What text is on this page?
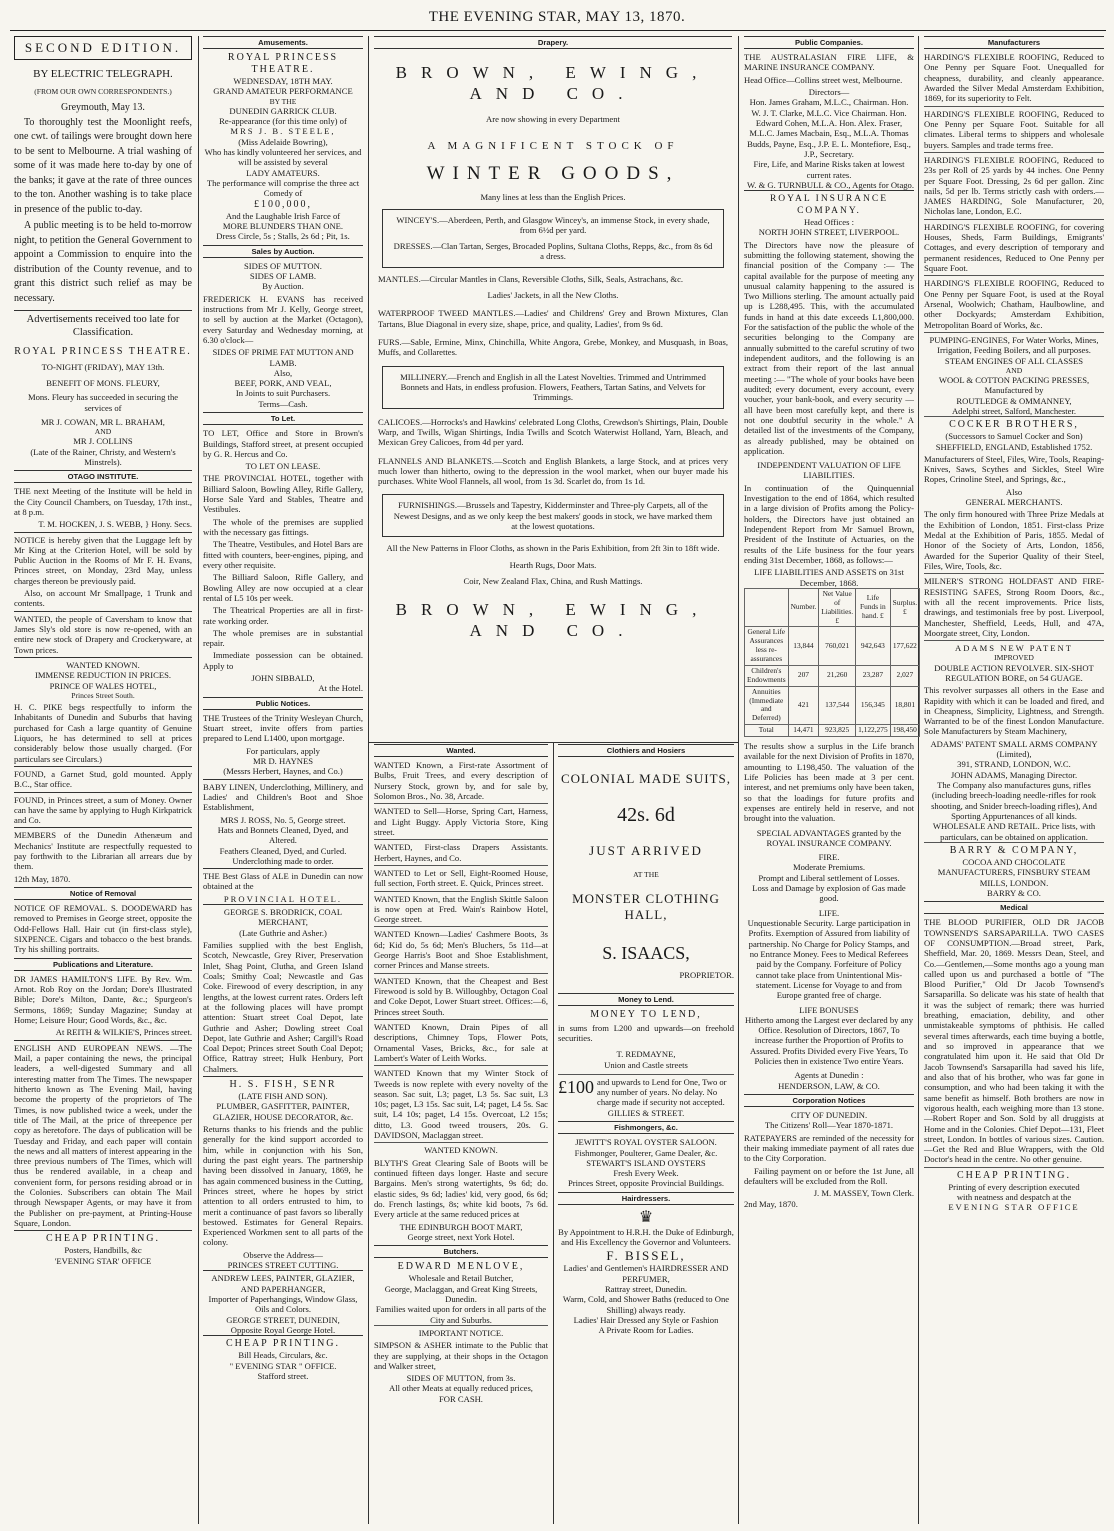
THE EVENING STAR, MAY 13, 1870.
SECOND EDITION.
BY ELECTRIC TELEGRAPH.
(FROM OUR OWN CORRESPONDENTS.)
Greymouth, May 13.
To thoroughly test the Moonlight reefs, one cwt. of tailings were brought down here to be sent to Melbourne. A trial washing of some of it was made here to-day by one of the banks; it gave at the rate of three ounces to the ton. Another washing is to take place in presence of the public to-day.
A public meeting is to be held to-morrow night, to petition the General Government to appoint a Commission to enquire into the distribution of the County revenue, and to grant this district such relief as may be necessary.
Advertisements received too late for Classification.
ROYAL PRINCESS THEATRE.
TO-NIGHT (FRIDAY), MAY 13th.
BENEFIT OF MONS. FLEURY,
Mons. Fleury has succeeded in securing the services of
MR J. COWAN, MR L. BRAHAM,
AND
MR J. COLLINS
(Late of the Rainer, Christy, and Western's Minstrels).
OTAGO INSTITUTE.
THE next Meeting of the Institute will be held in the City Council Chambers, on Tuesday, 17th inst., at 8 p.m.
T. M. HOCKEN, J. S. WEBB, } Hony. Secs.
NOTICE is hereby given that the Luggage left by Mr King at the Criterion Hotel, will be sold by Public Auction in the Rooms of Mr F. H. Evans, Princes street, on Monday, 23rd May, unless charges thereon be previously paid.
Also, on account Mr Smallpage, 1 Trunk and contents.
WANTED, the people of Caversham to know that James Sly's old store is now re-opened, with an entire new stock of Drapery and Crockeryware, at Town prices.
WANTED KNOWN.
IMMENSE REDUCTION IN PRICES.
PRINCE OF WALES HOTEL,
Princes Street South.
H. C. PIKE begs respectfully to inform the Inhabitants of Dunedin and Suburbs that having purchased for Cash a large quantity of Genuine Liquors, he has determined to sell at prices considerably below those usually charged. (For particulars see Circulars.)
FOUND, a Garnet Stud, gold mounted. Apply B.C., Star office.
FOUND, in Princes street, a sum of Money. Owner can have the same by applying to Hugh Kirkpatrick and Co.
MEMBERS of the Dunedin Athenæum and Mechanics' Institute are respectfully requested to pay forthwith to the Librarian all arrears due by them.
12th May, 1870.
Notice of Removal
NOTICE OF REMOVAL. S. DOODEWARD has removed to Premises in George street, opposite the Odd-Fellows Hall. Hair cut (in first-class style), SIXPENCE. Cigars and tobacco o the best brands. Try his shilling portraits.
Publications and Literature.
DR JAMES HAMILTON'S LIFE. By Rev. Wm. Arnot. Rob Roy on the Jordan; Dore's Illustrated Bible; Dore's Milton, Dante, &c.; Spurgeon's Sermons, 1869; Sunday Magazine; Sunday at Home; Leisure Hour; Good Words, &c., &c.
At REITH & WILKIE'S, Princes street.
ENGLISH AND EUROPEAN NEWS. —The Mail, a paper containing the news, the principal leaders, a well-digested Summary and all interesting matter from The Times. The newspaper hitherto known as The Evening Mail, having become the property of the proprietors of The Times, is now published twice a week, under the title of The Mail, at the price of threepence per copy as heretofore. The days of publication will be Tuesday and Friday, and each paper will contain the news and all matters of interest appearing in the three previous numbers of The Times, which will thus be rendered available, in a cheap and convenient form, for persons residing abroad or in the Colonies. Subscribers can obtain The Mail through Newspaper Agents, or may have it from the Publisher on pre-payment, at Printing-House Square, London.
CHEAP PRINTING.
Posters, Handbills, &c
'EVENING STAR' OFFICE
Amusements.
ROYAL PRINCESS THEATRE.
WEDNESDAY, 18TH MAY.
GRAND AMATEUR PERFORMANCE
BY THE
DUNEDIN GARRICK CLUB.
Re-appearance (for this time only) of
MRS J. B. STEELE,
(Miss Adelaide Bowring),
Who has kindly volunteered her services, and will be assisted by several
LADY AMATEURS.
The performance will comprise the three act Comedy of
£100,000,
And the Laughable Irish Farce of
MORE BLUNDERS THAN ONE.
Dress Circle, 5s ; Stalls, 2s 6d ; Pit, 1s.
Sales by Auction.
SIDES OF MUTTON.
SIDES OF LAMB.
By Auction.
FREDERICK H. EVANS has received instructions from Mr J. Kelly, George street, to sell by auction at the Market (Octagon), every Saturday and Wednesday morning, at 6.30 o'clock—
SIDES OF PRIME FAT MUTTON AND LAMB.
Also,
BEEF, PORK, AND VEAL,
In Joints to suit Purchasers.
Terms—Cash.
To Let.
TO LET, Office and Store in Brown's Buildings, Stafford street, at present occupied by G. R. Hercus and Co.
TO LET ON LEASE.
THE PROVINCIAL HOTEL, together with Billiard Saloon, Bowling Alley, Rifle Gallery, Horse Sale Yard and Stables, Theatre and Vestibules.
The whole of the premises are supplied with the necessary gas fittings.
The Theatre, Vestibules, and Hotel Bars are fitted with counters, beer-engines, piping, and every other requisite.
The Billiard Saloon, Rifle Gallery, and Bowling Alley are now occupied at a clear rental of L5 10s per week.
The Theatrical Properties are all in first-rate working order.
The whole premises are in substantial repair.
Immediate possession can be obtained. Apply to
JOHN SIBBALD,
At the Hotel.
Public Notices.
THE Trustees of the Trinity Wesleyan Church, Stuart street, invite offers from parties prepared to Lend L1400, upon mortgage.
For particulars, apply
MR D. HAYNES
(Messrs Herbert, Haynes, and Co.)
BABY LINEN, Underclothing, Millinery, and Ladies' and Children's Boot and Shoe Establishment,
MRS J. ROSS, No. 5, George street.
Hats and Bonnets Cleaned, Dyed, and Altered.
Feathers Cleaned, Dyed, and Curled. Underclothing made to order.
THE Best Glass of ALE in Dunedin can now obtained at the
PROVINCIAL HOTEL.
GEORGE S. BRODRICK, COAL MERCHANT,
(Late Guthrie and Asher.)
Families supplied with the best English, Scotch, Newcastle, Grey River, Preservation Inlet, Shag Point, Clutha, and Green Island Coals; Smithy Coal; Newcastle and Gas Coke. Firewood of every description, in any lengths, at the lowest current rates. Orders left at the following places will have prompt attention: Stuart street Coal Depot, late Guthrie and Asher; Dowling street Coal Depot, late Guthrie and Asher; Cargill's Road Coal Depot; Princes street South Coal Depot; Office, Rattray street; Hulk Henbury, Port Chalmers.
H. S. FISH, SENR
(LATE FISH AND SON).
PLUMBER, GASFITTER, PAINTER, GLAZIER, HOUSE DECORATOR, &c.
Returns thanks to his friends and the public generally for the kind support accorded to him, while in conjunction with his Son, during the past eight years. The partnership having been dissolved in January, 1869, he has again commenced business in the Cutting, Princes street, where he hopes by strict attention to all orders entrusted to him, to merit a continuance of past favors so liberally bestowed. Estimates for General Repairs. Experienced Workmen sent to all parts of the colony.
Observe the Address—
PRINCES STREET CUTTING.
ANDREW LEES, PAINTER, GLAZIER, AND PAPERHANGER,
Importer of Paperhangings, Window Glass, Oils and Colors.
GEORGE STREET, DUNEDIN,
Opposite Royal George Hotel.
CHEAP PRINTING.
Bill Heads, Circulars, &c.
" EVENING STAR " OFFICE.
Stafford street.
Drapery.
BROWN, EWING, AND CO.
Are now showing in every Department
A MAGNIFICENT STOCK OF
WINTER GOODS,
Many lines at less than the English Prices.
WINCEY'S.—Aberdeen, Perth, and Glasgow Wincey's, an immense Stock, in every shade, from 6½d per yard.
DRESSES.—Clan Tartan, Serges, Brocaded Poplins, Sultana Cloths, Repps, &c., from 8s 6d a dress.
MANTLES.—Circular Mantles in Clans, Reversible Cloths, Silk, Seals, Astrachans, &c.
Ladies' Jackets, in all the New Cloths.
WATERPROOF TWEED MANTLES.—Ladies' and Childrens' Grey and Brown Mixtures, Clan Tartans, Blue Diagonal in every size, shape, price, and quality, Ladies', from 9s 6d.
FURS.—Sable, Ermine, Minx, Chinchilla, White Angora, Grebe, Monkey, and Musquash, in Boas, Muffs, and Collarettes.
MILLINERY.—French and English in all the Latest Novelties. Trimmed and Untrimmed Bonnets and Hats, in endless profusion. Flowers, Feathers, Tartan Satins, and Velvets for Trimmings.
CALICOES.—Horrocks's and Hawkins' celebrated Long Cloths, Crewdson's Shirtings, Plain, Double Warp, and Twills, Wigan Shirtings, India Twills and Scotch Waterwist Holland, Yarn, Bleach, and Mexican Grey Calicoes, from 4d per yard.
FLANNELS AND BLANKETS.—Scotch and English Blankets, a large Stock, and at prices very much lower than hitherto, owing to the depression in the wool market, when our buyer made his purchases. White Wool Flannels, all wool, from 1s 3d. Scarlet do, from 1s 1d.
FURNISHINGS.—Brussels and Tapestry, Kidderminster and Three-ply Carpets, all of the Newest Designs, and as we only keep the best makers' goods in stock, we have marked them at the lowest quotations.
All the New Patterns in Floor Cloths, as shown in the Paris Exhibition, from 2ft 3in to 18ft wide.
Hearth Rugs, Door Mats.
Coir, New Zealand Flax, China, and Rush Mattings.
BROWN, EWING, AND CO.
Wanted.
WANTED Known, a First-rate Assortment of Bulbs, Fruit Trees, and every description of Nursery Stock, grown by, and for sale by, Solomon Bros., No. 38, Arcade.
WANTED to Sell—Horse, Spring Cart, Harness, and Light Buggy. Apply Victoria Store, King street.
WANTED, First-class Drapers Assistants. Herbert, Haynes, and Co.
WANTED to Let or Sell, Eight-Roomed House, full section, Forth street. E. Quick, Princes street.
WANTED Known, that the English Skittle Saloon is now open at Fred. Wain's Rainbow Hotel, George street.
WANTED Known—Ladies' Cashmere Boots, 3s 6d; Kid do, 5s 6d; Men's Bluchers, 5s 11d—at George Harris's Boot and Shoe Establishment, corner Princes and Manse streets.
WANTED Known, that the Cheapest and Best Firewood is sold by B. Willoughby, Octagon Coal and Coke Depot, Lower Stuart street. Offices:—6, Princes street South.
WANTED Known, Drain Pipes of all descriptions, Chimney Tops, Flower Pots, Ornamental Vases, Bricks, &c., for sale at Lambert's Water of Leith Works.
WANTED Known that my Winter Stock of Tweeds is now replete with every novelty of the season. Sac suit, L3; paget, L3 5s. Sac suit, L3 10s; paget, L3 15s. Sac suit, L4; paget, L4 5s. Sac suit, L4 10s; paget, L4 15s. Overcoat, L2 15s; ditto, L3. Good tweed trousers, 20s. G. DAVIDSON, Maclaggan street.
WANTED KNOWN.
BLYTH'S Great Clearing Sale of Boots will be continued fifteen days longer. Haste and secure Bargains. Men's strong watertights, 9s 6d; do. elastic sides, 9s 6d; ladies' kid, very good, 6s 6d; do. French lastings, 8s; white kid boots, 7s 6d. Every article at the same reduced prices at
THE EDINBURGH BOOT MART,
George street, next York Hotel.
Butchers.
EDWARD MENLOVE,
Wholesale and Retail Butcher,
George, Maclaggan, and Great King Streets, Dunedin.
Families waited upon for orders in all parts of the City and Suburbs.
IMPORTANT NOTICE.
SIMPSON & ASHER intimate to the Public that they are supplying, at their shops in the Octagon and Walker street,
SIDES OF MUTTON, from 3s.
All other Meats at equally reduced prices,
FOR CASH.
Clothiers and Hosiers
COLONIAL MADE SUITS,
42s. 6d
JUST ARRIVED
AT THE
MONSTER CLOTHING HALL,
S. ISAACS,
PROPRIETOR.
Money to Lend.
MONEY TO LEND,
in sums from L200 and upwards—on freehold securities.
T. REDMAYNE,
Union and Castle streets
£100 and upwards to Lend for One, Two or any number of years. No delay. No charge made if security not accepted.
GILLIES & STREET.
Fishmongers, &c.
JEWITT'S ROYAL OYSTER SALOON.
Fishmonger, Poulterer, Game Dealer, &c.
STEWART'S ISLAND OYSTERS
Fresh Every Week.
Princes Street, opposite Provincial Buildings.
Hairdressers.
♛
By Appointment to H.R.H. the Duke of Edinburgh, and His Excellency the Governor and Volunteers.
F. BISSEL,
Ladies' and Gentlemen's HAIRDRESSER AND PERFUMER,
Rattray street, Dunedin.
Warm, Cold, and Shower Baths (reduced to One Shilling) always ready.
Ladies' Hair Dressed any Style or Fashion
A Private Room for Ladies.
Public Companies.
THE AUSTRALASIAN FIRE LIFE, & MARINE INSURANCE COMPANY.
Head Office—Collins street west, Melbourne.
Directors—
Hon. James Graham, M.L.C., Chairman. Hon. W. J. T. Clarke, M.L.C. Vice Chairman. Hon. Edward Cohen, M.L.A. Hon. Alex. Fraser, M.L.C. James Macbain, Esq., M.L.A. Thomas Budds, Payne, Esq., J.P. E. L. Montefiore, Esq., J.P., Secretary.
Fire, Life, and Marine Risks taken at lowest current rates.
W. & G. TURNBULL & CO., Agents for Otago.
ROYAL INSURANCE COMPANY.
Head Offices :
NORTH JOHN STREET, LIVERPOOL.
The Directors have now the pleasure of submitting the following statement, showing the financial position of the Company :— The capital available for the purpose of meeting any unusual calamity happening to the assured is Two Millions sterling. The amount actually paid up is L288,495. This, with the accumulated funds in hand at this date exceeds L1,800,000. For the satisfaction of the public the whole of the securities belonging to the Company are annually submitted to the careful scrutiny of two independent auditors, and the following is an extract from their report of the last annual meeting :— "The whole of your books have been audited; every document, every account, every voucher, your bank-book, and every security —all have been most carefully kept, and there is not one doubtful security in the whole." A detailed list of the investments of the Company, as already published, may be obtained on application.
INDEPENDENT VALUATION OF LIFE LIABILITIES.
In continuation of the Quinquennial Investigation to the end of 1864, which resulted in a large division of Profits among the Policy-holders, the Directors have just obtained an Independent Report from Mr Samuel Brown, President of the Institute of Actuaries, on the results of the Life business for the four years ending 31st December, 1868, as follows:—
LIFE LIABILITIES AND ASSETS on 31st December, 1868.
	Number.	Net Value of Liabilities. £	Life Funds in hand. £	Surplus. £
General Life Assurances less re-assurances	13,844	760,021	942,643	177,622
Children's Endowments	207	21,260	23,287	2,027
Annuities (Immediate and Deferred)	421	137,544	156,345	18,801
Total	14,471	923,825	1,122,275	198,450
The results show a surplus in the Life branch available for the next Division of Profits in 1870, amounting to L198,450. The valuation of the Life Policies has been made at 3 per cent. interest, and net premiums only have been taken, so that the loadings for future profits and expenses are entirely held in reserve, and not brought into the valuation.
SPECIAL ADVANTAGES granted by the ROYAL INSURANCE COMPANY.
FIRE.
Moderate Premiums.
Prompt and Liberal settlement of Losses.
Loss and Damage by explosion of Gas made good.
LIFE.
Unquestionable Security. Large participation in Profits. Exemption of Assured from liability of partnership. No Charge for Policy Stamps, and no Entrance Money. Fees to Medical Referees paid by the Company. Forfeiture of Policy cannot take place from Unintentional Mis-statement. License for Voyage to and from Europe granted free of charge.
LIFE BONUSES
Hitherto among the Largest ever declared by any Office. Resolution of Directors, 1867, To increase further the Proportion of Profits to Assured. Profits Divided every Five Years, To Policies then in existence Two entire Years.
Agents at Dunedin :
HENDERSON, LAW, & CO.
Corporation Notices
CITY OF DUNEDIN.
The Citizens' Roll—Year 1870-1871.
RATEPAYERS are reminded of the necessity for their making immediate payment of all rates due to the City Corporation.
Failing payment on or before the 1st June, all defaulters will be excluded from the Roll.
J. M. MASSEY, Town Clerk.
2nd May, 1870.
Manufacturers
HARDING'S FLEXIBLE ROOFING, Reduced to One Penny per Square Foot. Unequalled for cheapness, durability, and cleanly appearance. Awarded the Silver Medal Amsterdam Exhibition, 1869, for its superiority to Felt.
HARDING'S FLEXIBLE ROOFING, Reduced to One Penny per Square Foot. Suitable for all climates. Liberal terms to shippers and wholesale buyers. Samples and trade terms free.
HARDING'S FLEXIBLE ROOFING, Reduced to 23s per Roll of 25 yards by 44 inches. One Penny per Square Foot. Dressing, 2s 6d per gallon. Zinc nails, 5d per lb. Terms strictly cash with orders.—JAMES HARDING, Sole Manufacturer, 20, Nicholas lane, London, E.C.
HARDING'S FLEXIBLE ROOFING, for covering Houses, Sheds, Farm Buildings, Emigrants' Cottages, and every description of temporary and permanent residences, Reduced to One Penny per Square Foot.
HARDING'S FLEXIBLE ROOFING, Reduced to One Penny per Square Foot, is used at the Royal Arsenal, Woolwich; Chatham, Haulbowline, and other Dockyards; Amsterdam Exhibition, Metropolitan Board of Works, &c.
PUMPING-ENGINES, For Water Works, Mines, Irrigation, Feeding Boilers, and all purposes. STEAM ENGINES OF ALL CLASSES
AND
WOOL & COTTON PACKING PRESSES,
Manufactured by
ROUTLEDGE & OMMANNEY,
Adelphi street, Salford, Manchester.
COCKER BROTHERS,
(Successors to Samuel Cocker and Son) SHEFFIELD, ENGLAND, Established 1752.
Manufacturers of Steel, Files, Wire, Tools, Reaping-Knives, Saws, Scythes and Sickles, Steel Wire Ropes, Crinoline Steel, and Springs, &c.,
Also
GENERAL MERCHANTS.
The only firm honoured with Three Prize Medals at the Exhibition of London, 1851. First-class Prize Medal at the Exhibition of Paris, 1855. Medal of Honor of the Society of Arts, London, 1856, Awarded for the Superior Quality of their Steel, Files, Wire, Tools, &c.
MILNER'S STRONG HOLDFAST AND FIRE-RESISTING SAFES, Strong Room Doors, &c., with all the recent improvements. Price lists, drawings, and testimonials free by post. Liverpool, Manchester, Sheffield, Leeds, Hull, and 47A, Moorgate street, City, London.
ADAMS NEW PATENT
IMPROVED
DOUBLE ACTION REVOLVER. SIX-SHOT REGULATION BORE, on 54 GUAGE.
This revolver surpasses all others in the Ease and Rapidity with which it can be loaded and fired, and in Cheapness, Simplicity, Lightness, and Strength. Warranted to be of the finest London Manufacture. Sole Manufacturers by Steam Machinery,
ADAMS' PATENT SMALL ARMS COMPANY
(Limited),
391, STRAND, LONDON, W.C.
JOHN ADAMS, Managing Director.
The Company also manufactures guns, rifles (including breech-loading needle-rifles for rook shooting, and Snider breech-loading rifles), And Sporting Appurtenances of all kinds. WHOLESALE AND RETAIL. Price lists, with particulars, can be obtained on application.
BARRY & COMPANY,
COCOA AND CHOCOLATE MANUFACTURERS, FINSBURY STEAM MILLS, LONDON.
BARRY & CO.
Medical
THE BLOOD PURIFIER, OLD DR JACOB TOWNSEND'S SARSAPARILLA. TWO CASES OF CONSUMPTION.—Broad street, Park, Sheffield, Mar. 20, 1869. Messrs Dean, Steel, and Co.—Gentlemen,—Some months ago a young man called upon us and purchased a bottle of "The Blood Purifier," Old Dr Jacob Townsend's Sarsaparilla. So delicate was his state of health that it was the subject of remark; there was hurried breathing, emaciation, debility, and other unmistakeable symptoms of phthisis. He called several times afterwards, each time buying a bottle, and so improved in appearance that we congratulated him upon it. He said that Old Dr Jacob Townsend's Sarsaparilla had saved his life, and also that of his brother, who was far gone in consumption, and who had been taking it with the same benefit as himself. Both brothers are now in vigorous health, each weighing more than 13 stone.—Robert Roper and Son. Sold by all druggists at Home and in the Colonies. Chief Depot—131, Fleet street, London. In bottles of various sizes. Caution.—Get the Red and Blue Wrappers, with the Old Doctor's head in the centre. No other genuine.
CHEAP PRINTING.
Printing of every description executed
with neatness and despatch at the
EVENING STAR OFFICE
